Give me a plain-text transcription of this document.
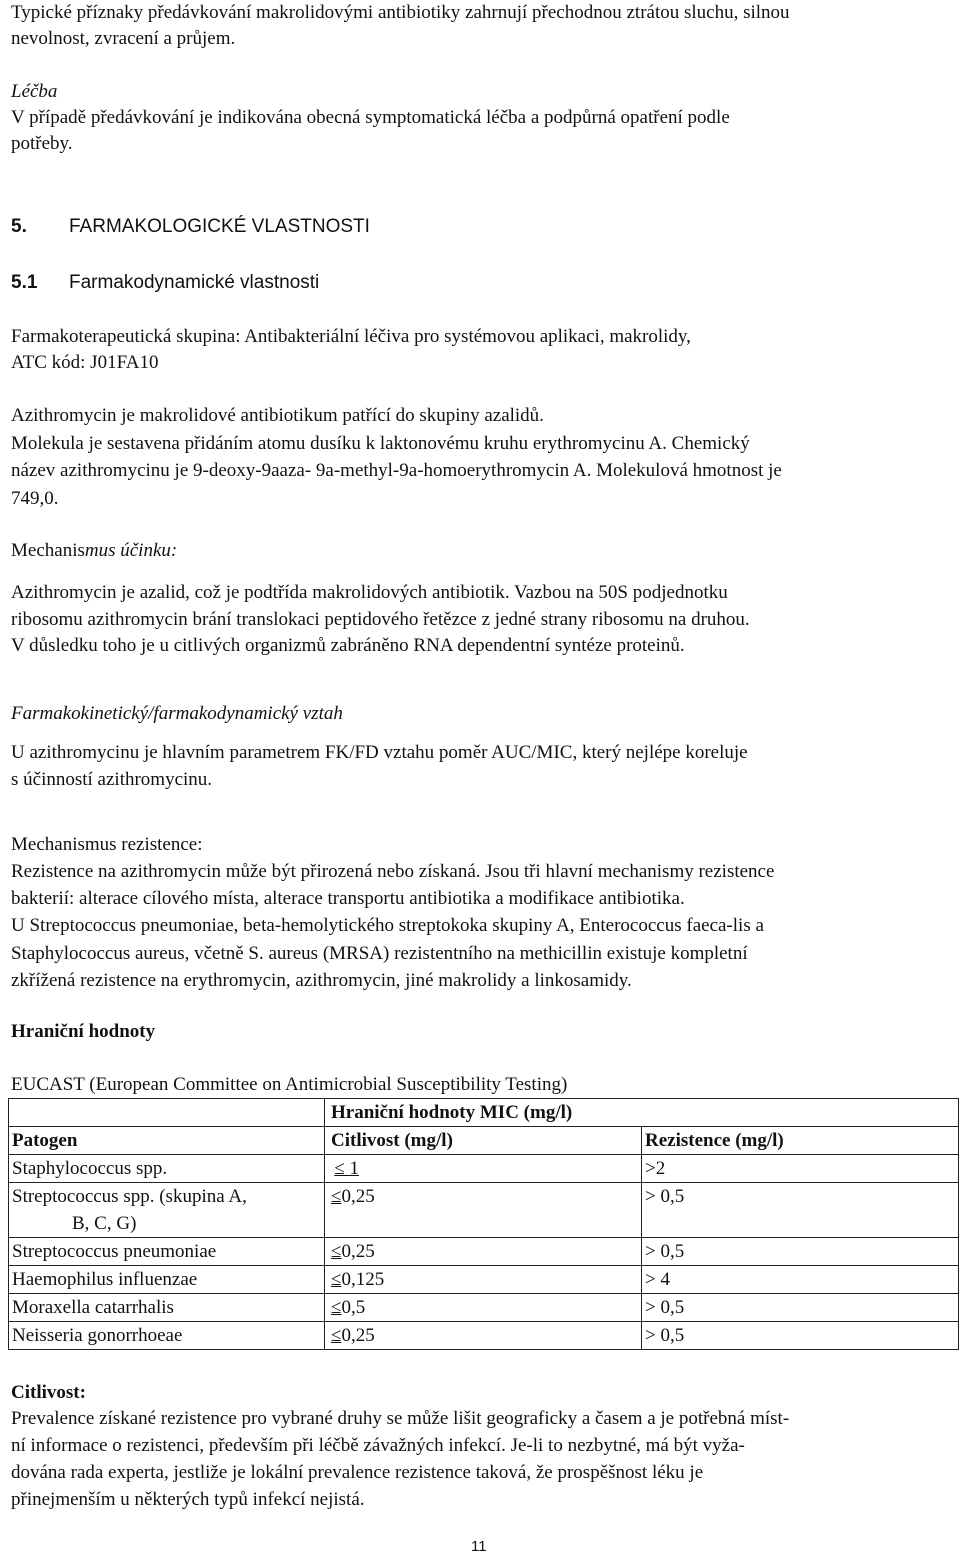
Typické příznaky předávkování makrolidovými antibiotiky zahrnují přechodnou ztrátou sluchu, silnou
nevolnost, zvracení a průjem.
Léčba
V případě předávkování je indikována obecná symptomatická léčba a podpůrná opatření podle
potřeby.
5. FARMAKOLOGICKÉ VLASTNOSTI
5.1 Farmakodynamické vlastnosti
Farmakoterapeutická skupina: Antibakteriální léčiva pro systémovou aplikaci, makrolidy,
ATC kód: J01FA10
Azithromycin je makrolidové antibiotikum patřící do skupiny azalidů.
Molekula je sestavena přidáním atomu dusíku k laktonovému kruhu erythromycinu A. Chemický
název azithromycinu je 9-deoxy-9aaza- 9a-methyl-9a-homoerythromycin A. Molekulová hmotnost je
749,0.
Mechanismus účinku:
Azithromycin je azalid, což je podtřída makrolidových antibiotik. Vazbou na 50S podjednotku
ribosomu azithromycin brání translokaci peptidového řetězce z jedné strany ribosomu na druhou.
V důsledku toho je u citlivých organizmů zabráněno RNA dependentní syntéze proteinů.
Farmakokinetický/farmakodynamický vztah
U azithromycinu je hlavním parametrem FK/FD vztahu poměr AUC/MIC, který nejlépe koreluje
s účinností azithromycinu.
Mechanismus rezistence:
Rezistence na azithromycin může být přirozená nebo získaná. Jsou tři hlavní mechanismy rezistence
bakterií: alterace cílového místa, alterace transportu antibiotika a modifikace antibiotika.
U Streptococcus pneumoniae, beta-hemolytického streptokoka skupiny A, Enterococcus faeca-lis a
Staphylococcus aureus, včetně S. aureus (MRSA) rezistentního na methicillin existuje kompletní
zkřížená rezistence na erythromycin, azithromycin, jiné makrolidy a linkosamidy.
Hraniční hodnoty
EUCAST (European Committee on Antimicrobial Susceptibility Testing)
	Hraniční hodnoty MIC (mg/l)	
Patogen	Citlivost (mg/l)	Rezistence (mg/l)
Staphylococcus spp.	≤ 1	>2

Streptococcus spp. (skupina A,
B, C, G)	≤0,25	> 0,5
Streptococcus pneumoniae	≤0,25	> 0,5
Haemophilus influenzae	≤0,125	> 4
Moraxella catarrhalis	≤0,5	> 0,5
Neisseria gonorrhoeae	≤0,25	> 0,5
Citlivost:
Prevalence získané rezistence pro vybrané druhy se může lišit geograficky a časem a je potřebná míst-
ní informace o rezistenci, především při léčbě závažných infekcí. Je-li to nezbytné, má být vyža-
dována rada experta, jestliže je lokální prevalence rezistence taková, že prospěšnost léku je
přinejmenším u některých typů infekcí nejistá.
11
